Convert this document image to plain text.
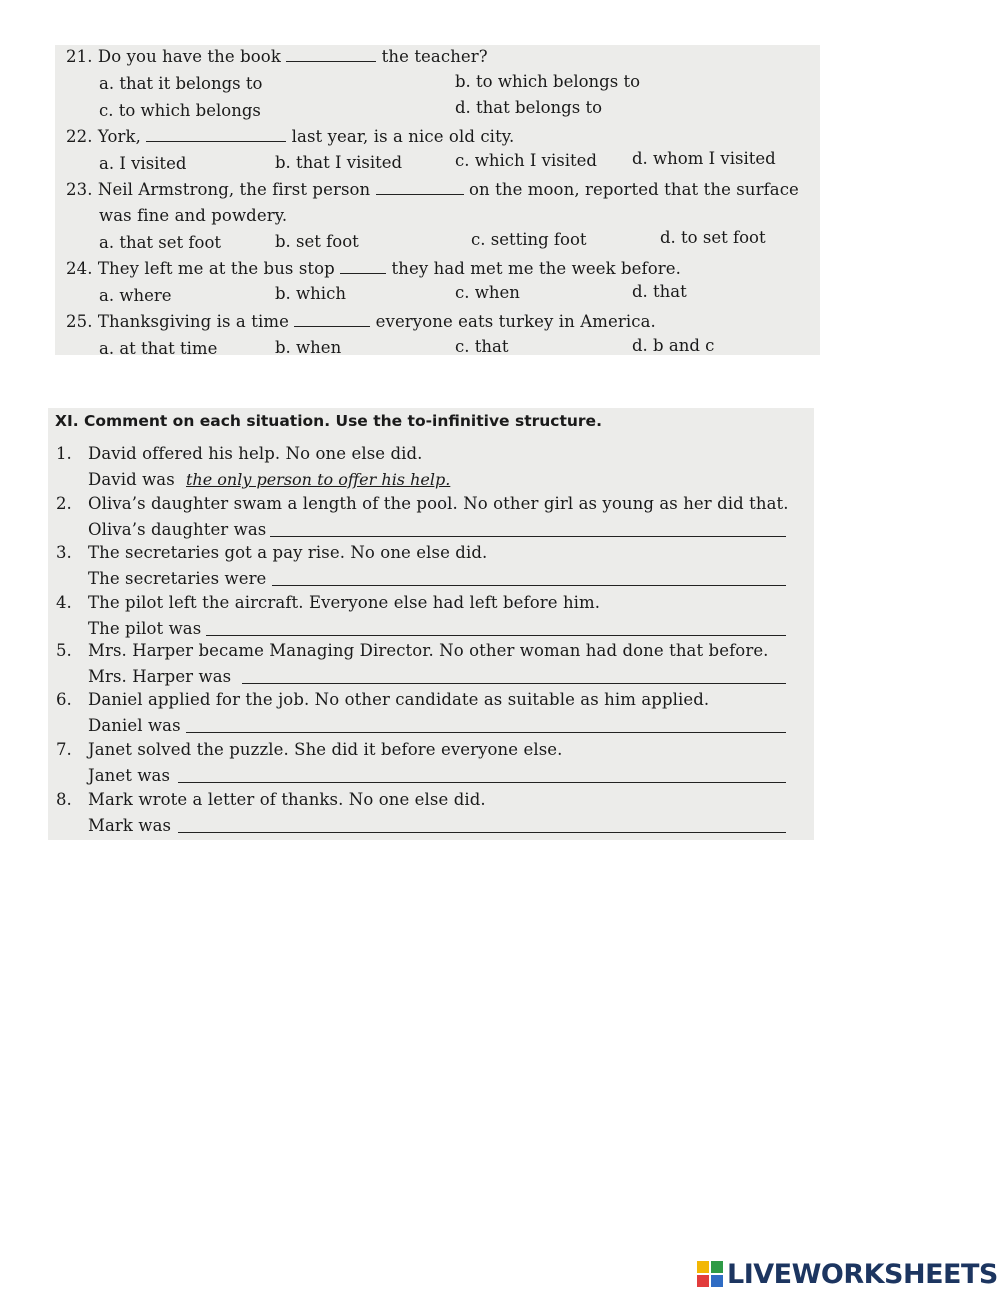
21. Do you have the book	the teacher?
a. that it belongs to	b. to which belongs to
c. to which belongs	d. that belongs to
22. York,	last year, is a nice old city.
a. I visited	b. that I visited	c. which I visited d. whom I visited
23. Neil Armstrong, the first person	on the moon, reported that the surface
was fine and powdery.
a. that set foot	b. set foot	c. setting foot	d. to set foot
24. They left me at the bus stop	they had met me the week before.
a. where	b. which	c. when	d. that
25. Thanksgiving is a time	everyone eats turkey in America.
a. at that time	b. when	c. that	d. b and c
XI. Comment on each situation. Use the to-infinitive structure.
1. David offered his help. No one else did.
David was the only person to offer his help.
2. Oliva’s daughter swam a length of the pool. No other girl as young as her did that.
Oliva’s daughter was
3. The secretaries got a pay rise. No one else did.
The secretaries were
4. The pilot left the aircraft. Everyone else had left before him.
The pilot was
5. Mrs. Harper became Managing Director. No other woman had done that before.
Mrs. Harper was
6. Daniel applied for the job. No other candidate as suitable as him applied.
Daniel was
7. Janet solved the puzzle. She did it before everyone else.
Janet was
8. Mark wrote a letter of thanks. No one else did.
Mark was
LIVEWORKSHEETS
